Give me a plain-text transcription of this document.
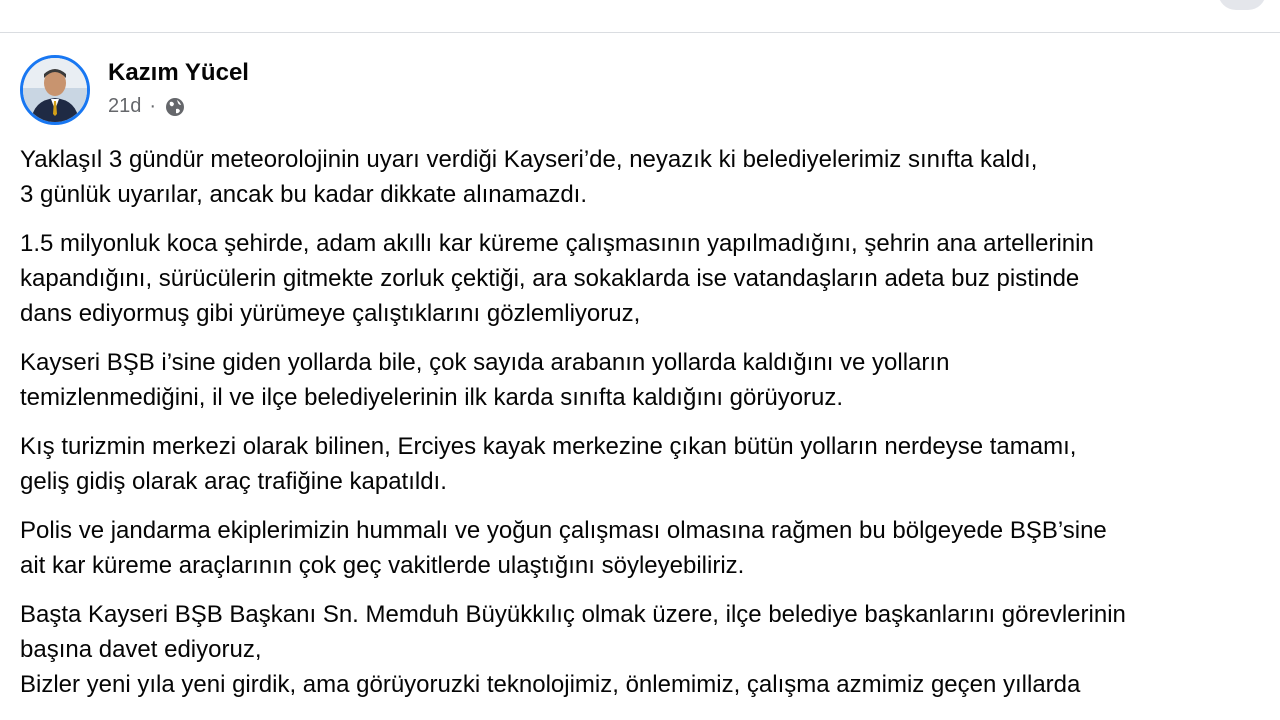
Kazım Yücel
21d ·

Yaklaşıl 3 gündür meteorolojinin uyarı verdiği Kayseri’de, neyazık ki belediyelerimiz sınıfta kaldı,
3 günlük uyarılar, ancak bu kadar dikkate alınamazdı.

1.5 milyonluk koca şehirde, adam akıllı kar küreme çalışmasının yapılmadığını, şehrin ana artellerinin
kapandığını, sürücülerin gitmekte zorluk çektiği, ara sokaklarda ise vatandaşların adeta buz pistinde
dans ediyormuş gibi yürümeye çalıştıklarını gözlemliyoruz,

Kayseri BŞB i’sine giden yollarda bile, çok sayıda arabanın yollarda kaldığını ve yolların
temizlenmediğini, il ve ilçe belediyelerinin ilk karda sınıfta kaldığını görüyoruz.

Kış turizmin merkezi olarak bilinen, Erciyes kayak merkezine çıkan bütün yolların nerdeyse tamamı,
geliş gidiş olarak araç trafiğine kapatıldı.

Polis ve jandarma ekiplerimizin hummalı ve yoğun çalışması olmasına rağmen bu bölgeyede BŞB’sine
ait kar küreme araçlarının çok geç vakitlerde ulaştığını söyleyebiliriz.

Başta Kayseri BŞB Başkanı Sn. Memduh Büyükkılıç olmak üzere, ilçe belediye başkanlarını görevlerinin
başına davet ediyoruz,
Bizler yeni yıla yeni girdik, ama görüyoruzki teknolojimiz, önlemimiz, çalışma azmimiz geçen yıllarda
